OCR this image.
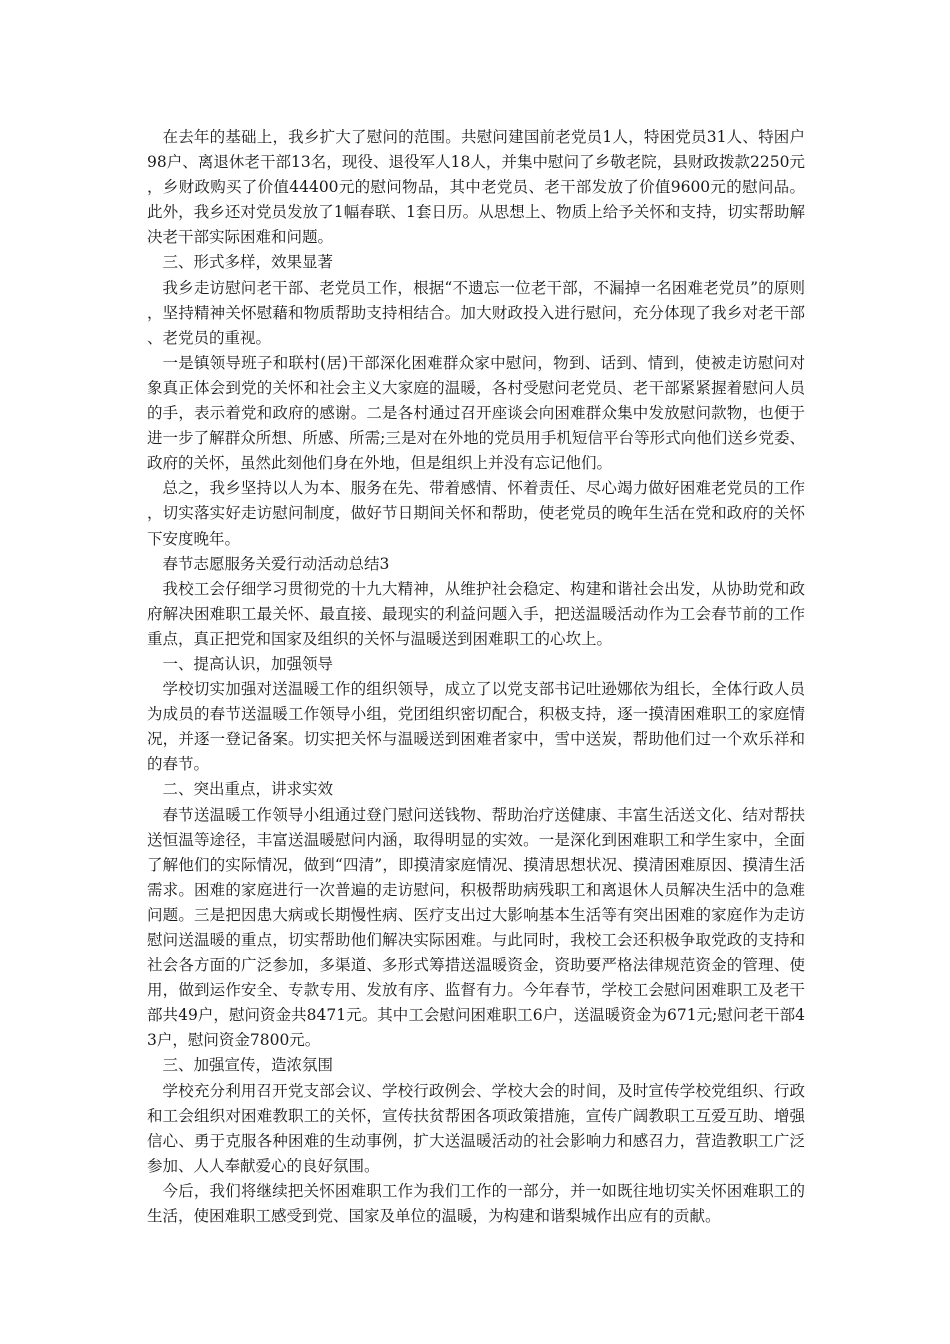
在去年的基础上，我乡扩大了慰问的范围。共慰问建国前老党员1人，特困党员31人、特困户98户、离退休老干部13名，现役、退役军人18人，并集中慰问了乡敬老院，县财政拨款2250元，乡财政购买了价值44400元的慰问物品，其中老党员、老干部发放了价值9600元的慰问品。此外，我乡还对党员发放了1幅春联、1套日历。从思想上、物质上给予关怀和支持，切实帮助解决老干部实际困难和问题。

三、形式多样，效果显著

我乡走访慰问老干部、老党员工作，根据“不遗忘一位老干部，不漏掉一名困难老党员”的原则，坚持精神关怀慰藉和物质帮助支持相结合。加大财政投入进行慰问，充分体现了我乡对老干部、老党员的重视。

一是镇领导班子和联村(居)干部深化困难群众家中慰问，物到、话到、情到，使被走访慰问对象真正体会到党的关怀和社会主义大家庭的温暖，各村受慰问老党员、老干部紧紧握着慰问人员的手，表示着党和政府的感谢。二是各村通过召开座谈会向困难群众集中发放慰问款物，也便于进一步了解群众所想、所感、所需;三是对在外地的党员用手机短信平台等形式向他们送乡党委、政府的关怀，虽然此刻他们身在外地，但是组织上并没有忘记他们。

总之，我乡坚持以人为本、服务在先、带着感情、怀着责任、尽心竭力做好困难老党员的工作，切实落实好走访慰问制度，做好节日期间关怀和帮助，使老党员的晚年生活在党和政府的关怀下安度晚年。

春节志愿服务关爱行动活动总结3

我校工会仔细学习贯彻党的十九大精神，从维护社会稳定、构建和谐社会出发，从协助党和政府解决困难职工最关怀、最直接、最现实的利益问题入手，把送温暖活动作为工会春节前的工作重点，真正把党和国家及组织的关怀与温暖送到困难职工的心坎上。

一、提高认识，加强领导

学校切实加强对送温暖工作的组织领导，成立了以党支部书记吐逊娜依为组长，全体行政人员为成员的春节送温暖工作领导小组，党团组织密切配合，积极支持，逐一摸清困难职工的家庭情况，并逐一登记备案。切实把关怀与温暖送到困难者家中，雪中送炭，帮助他们过一个欢乐祥和的春节。

二、突出重点，讲求实效

春节送温暖工作领导小组通过登门慰问送钱物、帮助治疗送健康、丰富生活送文化、结对帮扶送恒温等途径，丰富送温暖慰问内涵，取得明显的实效。一是深化到困难职工和学生家中，全面了解他们的实际情况，做到“四清”，即摸清家庭情况、摸清思想状况、摸清困难原因、摸清生活需求。困难的家庭进行一次普遍的走访慰问，积极帮助病残职工和离退休人员解决生活中的急难问题。三是把因患大病或长期慢性病、医疗支出过大影响基本生活等有突出困难的家庭作为走访慰问送温暖的重点，切实帮助他们解决实际困难。与此同时，我校工会还积极争取党政的支持和社会各方面的广泛参加，多渠道、多形式筹措送温暖资金，资助要严格法律规范资金的管理、使用，做到运作安全、专款专用、发放有序、监督有力。今年春节，学校工会慰问困难职工及老干部共49户，慰问资金共8471元。其中工会慰问困难职工6户，送温暖资金为671元;慰问老干部43户，慰问资金7800元。

三、加强宣传，造浓氛围

学校充分利用召开党支部会议、学校行政例会、学校大会的时间，及时宣传学校党组织、行政和工会组织对困难教职工的关怀，宣传扶贫帮困各项政策措施，宣传广阔教职工互爱互助、增强信心、勇于克服各种困难的生动事例，扩大送温暖活动的社会影响力和感召力，营造教职工广泛参加、人人奉献爱心的良好氛围。

今后，我们将继续把关怀困难职工作为我们工作的一部分，并一如既往地切实关怀困难职工的生活，使困难职工感受到党、国家及单位的温暖，为构建和谐梨城作出应有的贡献。
